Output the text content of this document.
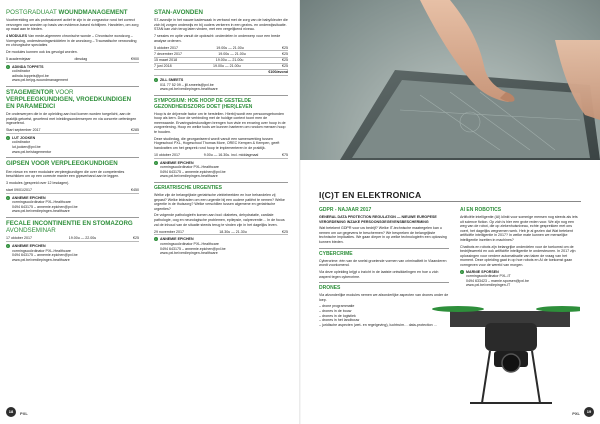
POSTGRADUAAT WOUNDMANAGEMENT
Voorbereiding om als professioneel actief te zijn in de zorgsector rond het correct verzorgen van wonden op basis van evidence-based richtlijnen. Handelen, om zorg op maat aan te bieden.
4 MODULES Van mede-algemeen chronische wonde – Chronische wondzorg – Vormgeving, ondersteuningsmiddelen in de wondzorg – Traumatische verwonding en chirurgische speciaties
De modules kunnen ook los gevolgd worden.
5 academiejaar	dinsdag	€900
i	ADINDA TOPPETS
coördinator
adinda.toppets@pxl.be
www.pxl.be/pg-woundmanagement
STAGEMENTOR VOOR VERPLEEGKUNDIGEN, VROEDKUNDIGEN EN PARAMEDICI
De onderwerpen die in de opleiding aan bod komen worden toegelicht, aan de praktijk getoetst, geoefend met inleidingsonderwerpen en via concrete oefeningen ingeoefend.
Start september 2017	€285
i	LUT JOOKEN
coördinator
lut.jooken@pxl.be
www.pxl.be/stagementor
GIPSEN VOOR VERPLEEGKUNDIGEN
Een nieuw en meer modulaire verpleegkundigen die over de competenties beschikken om op een correcte manier een gipsverband aan te leggen.
3 modules (gespreid over 12 lesdagen).
start 09/01/2017	€450
i	ANNEMIE EPICHEN
vormingscoördinator PXL-Healthcare
0494 643175 – annemie.epichen@pxl.be
www.pxl.be/verdiepingen-healthcare
FECALE INCONTINENTIE EN STOMAZORG AVONDSEMINAR
17 oktober 2017	19.00u — 22.00u	€25
i	ANNEMIE EPICHEN
vormingscoördinator PXL-Healthcare
0494 643175 – annemie.epichen@pxl.be
www.pxl.be/verdiepingen-healthcare
STAN-AVONDEN
ST-avondje in het nauwe kaderwaak in verband met de zorg van de baby/kleuter die zich bij zorgen onderwijs en bij ouders verkeren in een gezins- en onderwijssituatie. STAN kan zich terug laten vinden, met een vergelijkend niveau.
7 sessies en optie vanuit de opdracht: onderdelen in onderwerp voor een brede analyse ordenen.
5 oktober 2017	19.00u — 21.00u	€25
7 december 2017	19.00u — 21.00u	€25
15 maart 2018	19.00u — 21.00u	€25
7 juni 2018	19.00u — 21.00u	€25
€100/avond
i	ZILL SMEETS
011 77 52 09 – jill.smeets@pxl.be
www.pxl.be/verdiepingen-healthcare
SYMPOSIUM: HOE HOOP DE GESTELDE GEZONDHEIDSZORG DOET (HER)LEVEN
Hoop is de drijvende factor om te herstellen. Hierbij wordt een persoonsgebonden hoop als kern. Door de verbinding met de huidige context toont men de meerwaarde. Ervaringsdeskundigen brengen hun visie en ervaring over hoop in de zorgverlening. Hoop en welke tools we kunnen hanteren om rondom mensen hoop te houden.
Deze studiedag, die georganiseerd wordt vanuit een samenwerking tussen Hogeschool PXL, Hogeschool Thomas More, OREC Kempen & Kempen, geeft handvatten om het gesprek rond hoop te implementeren in de praktijk.
10 oktober 2017	9.00u — 16.30u. incl. middagmaal	€75
i	ANNEMIE EPICHEN
vormingscoördinator PXL-Healthcare
0494 643175 – annemie.epichen@pxl.be
www.pxl.be/verdiepingen-healthcare
GERIATRISCHE URGENTIES
Welke zijn de belangrijkste geriatrische ziektebeelden en hoe behandelen zij gepast? Welke leidraden om een urgentie bij een oudere patiënt te nemen? Welke urgentie in de thuiszorg? Welke verschillen tussen algemene en geriatrische urgenties?
De volgende pathologieën komen aan bod: diabetes, dehydratatie, cardiale pathologie, oog en neurologische problemen, epilepsie, valpreventie… In de focus zal de inhoud van de situatie steeds terug te vinden zijn in het dagelijks leven.
29 november 2017	18.30u — 21.30u	€25
i	ANNEMIE EPICHEN
vormingscoördinator PXL-Healthcare
0494 643175 – annemie.epichen@pxl.be
www.pxl.be/verdiepingen-healthcare
18	PXL
I(C)T EN ELEKTRONICA
GDPR - NAJAAR 2017
GENERAL DATA PROTECTION REGULATION — NIEUWE EUROPESE VERORDENING INZAKE PERSOONSGEGEVENSBESCHERMING
Wat betekent GDPR voor uw bedrijf? Welke IT-technische maatregelen kan u nemen om uw gegevens te beschermen? We bespreken de belangrijkste technische implicaties. We gaan dieper in op welke technologieën een oplossing kunnen bieden.
CYBERCRIME
Cybercrime: één van de snelst groeiende vormen van criminaliteit in Vlaanderen wordt voorkomend.
Via deze opleiding krijgt u inzicht in de laatste ontwikkelingen en hoe u zich wapent tegen cybercrime.
DRONES
Via afzonderlijke modules nemen we afzonderlijke aspecten van drones onder de loep.
– drone programmatie
– drones in de bouw
– drones in de logistiek
– drones in het landbouw
– juridische aspecten (wet- en regelgeving), luchtruim… data-protection …
AI EN ROBOTICS
Artificiële intelligentie (AI) klinkt voor sommige mensen nog steeds als iets uit science fiction. Op zich is hier een grote reden voor. We zijn nog een weg van de robot, die op ziekenhuisniveau, echte gesprekken met ons voert, het dagelijks wegnemen werk. Heb je al gezien dat Wat betekent artificiële intelligentie in 2017? In welke mate kunnen we menselijke intelligentie inzetten in machines?
Chatbots en robots zijn belangrijke onderdelen voor de toekomst om de bedrijfswereld en ook artificiële intelligentie te ondersteunen. In 2017 zijn oplossingen voor verdere automatisatie van taken de vraag van het moment. Deze opleiding gaat in op hoe robots en AI de toekomst gaan vormgeven voor de wereld van morgen.
i	MARNIE SPORSEN
vormingscoördinator PXL-IT
0494 633423 – marnie.sporsen@pxl.be
www.pxl.be/verdiepingen-IT
PXL	19
